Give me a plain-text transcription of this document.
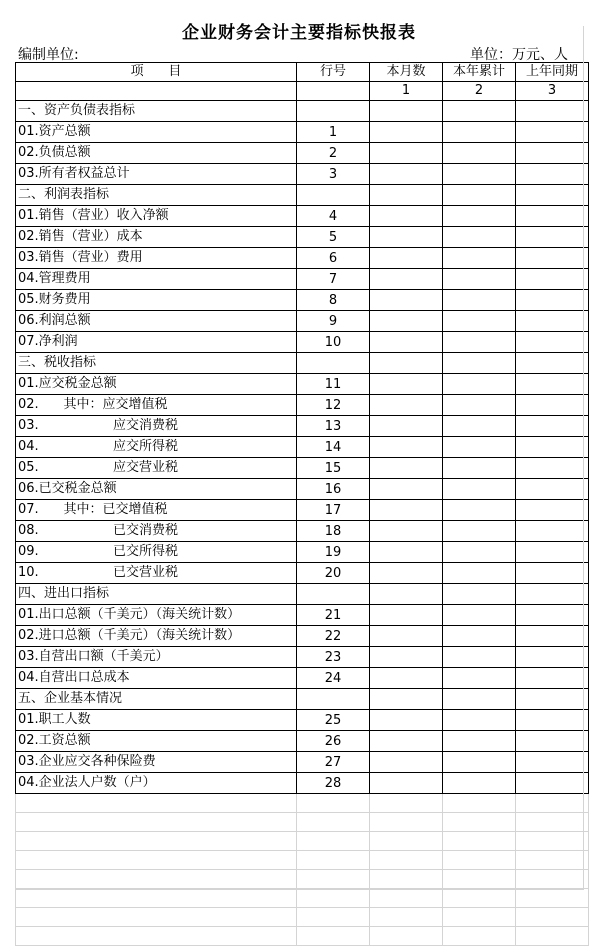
企业财务会计主要指标快报表
编制单位:	单位：万元、人
项      目	行号	本月数	本年累计	上年同期
		1	2	3
一、资产负债表指标				
01.资产总额	1			
02.负债总额	2			
03.所有者权益总计	3			
二、利润表指标				
01.销售（营业）收入净额	4			
02.销售（营业）成本	5			
03.销售（营业）费用	6			
04.管理费用	7			
05.财务费用	8			
06.利润总额	9			
07.净利润	10			
三、税收指标				
01.应交税金总额	11			
02.      其中：应交增值税	12			
03.                  应交消费税	13			
04.                  应交所得税	14			
05.                  应交营业税	15			
06.已交税金总额	16			
07.      其中：已交增值税	17			
08.                  已交消费税	18			
09.                  已交所得税	19			
10.                  已交营业税	20			
四、进出口指标				
01.出口总额（千美元）（海关统计数）	21			
02.进口总额（千美元）（海关统计数）	22			
03.自营出口额（千美元）	23			
04.自营出口总成本	24			
五、企业基本情况				
01.职工人数	25			
02.工资总额	26			
03.企业应交各种保险费	27			
04.企业法人户数（户）	28			
